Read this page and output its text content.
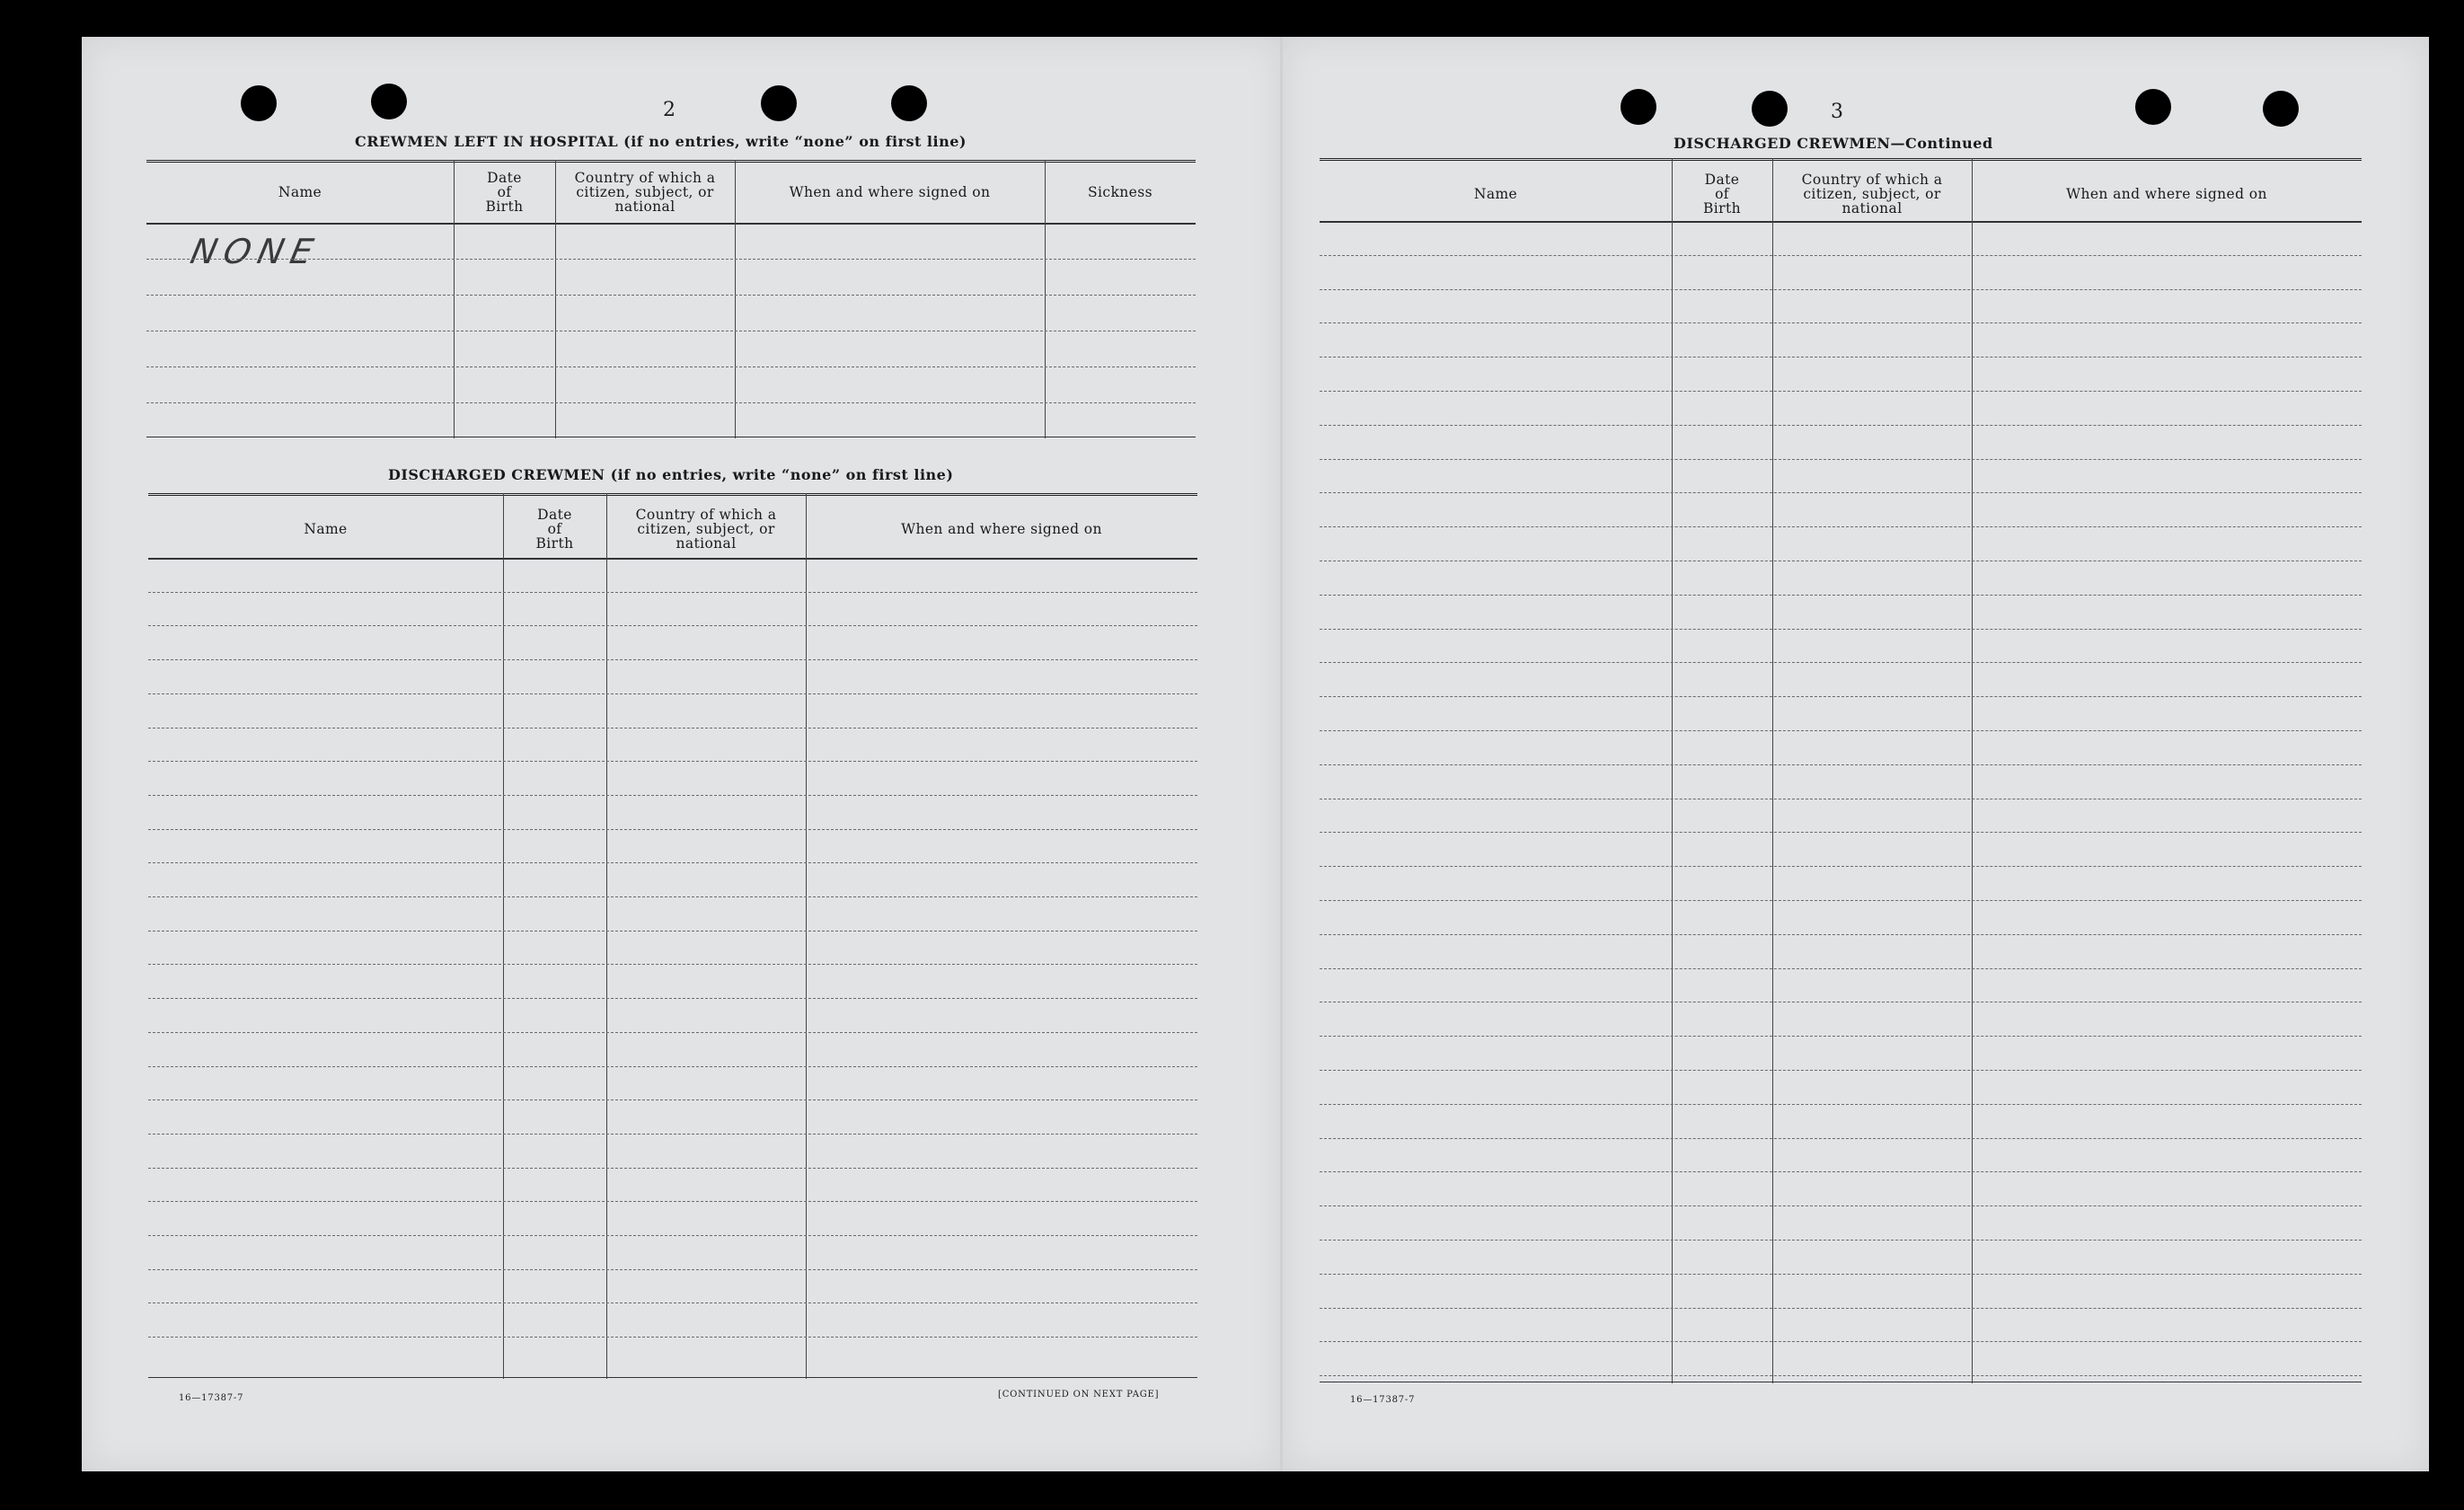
2
CREWMEN LEFT IN HOSPITAL (if no entries, write “none” on first line)
Name
Date
of
Birth
Country of which a
citizen, subject, or
national
When and where signed on	Sickness
NONE
DISCHARGED CREWMEN (if no entries, write “none” on first line)
Name
Date
of
Birth
Country of which a
citizen, subject, or
national
When and where signed on
16—17387-7	[CONTINUED ON NEXT PAGE]
3
DISCHARGED CREWMEN—Continued
Name
Date
of
Birth
Country of which a
citizen, subject, or
national
When and where signed on
16—17387-7
